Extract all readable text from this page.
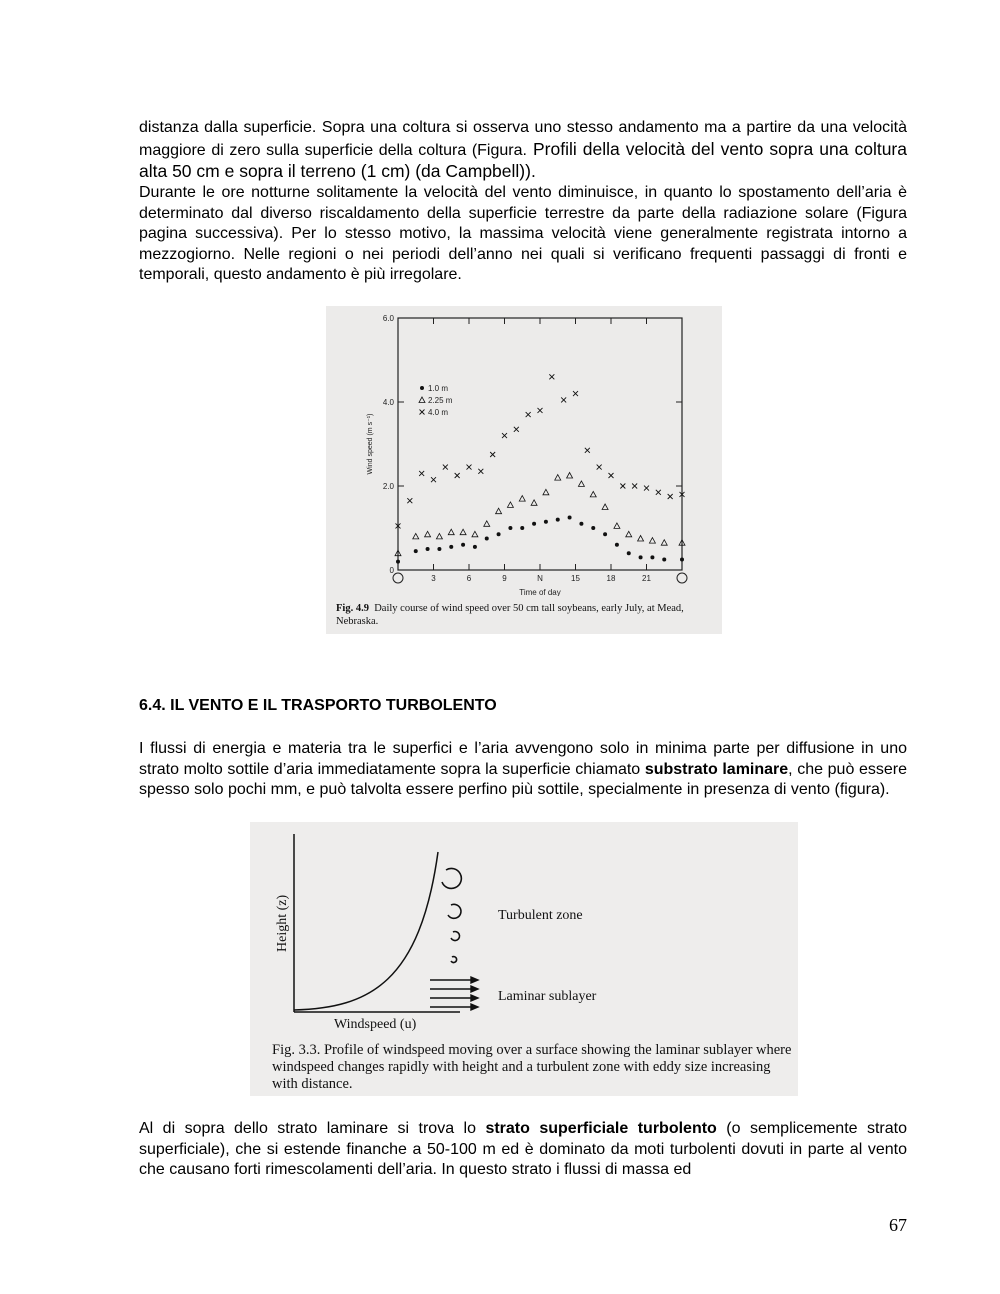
distanza dalla superficie. Sopra una coltura si osserva uno stesso andamento ma a partire da una velocità maggiore di zero sulla superficie della coltura (Figura. Profili della velocità del vento sopra una coltura alta 50 cm e sopra il terreno (1 cm) (da Campbell)).

Durante le ore notturne solitamente la velocità del vento diminuisce, in quanto lo spostamento dell’aria è determinato dal diverso riscaldamento della superficie terrestre da parte della radiazione solare (Figura pagina successiva). Per lo stesso motivo, la massima velocità viene generalmente registrata intorno a mezzogiorno. Nelle regioni o nei periodi dell’anno nei quali si verificano frequenti passaggi di fronti e temporali, questo andamento è più irregolare.

0
2.0
4.0
6.0
3	6	9	N	15	18	21
Time of day
Wind speed (m s⁻¹)
1.0 m
2.25 m
4.0 m
Fig. 4.9 Daily course of wind speed over 50 cm tall soybeans, early July, at Mead, Nebraska.
6.4. IL VENTO E IL TRASPORTO TURBOLENTO

I flussi di energia e materia tra le superfici e l’aria avvengono solo in minima parte per diffusione in uno strato molto sottile d’aria immediatamente sopra la superficie chiamato substrato laminare, che può essere spesso solo pochi mm, e può talvolta essere perfino più sottile, specialmente in presenza di vento (figura).

Height (z)
Windspeed (u)
Turbulent zone
Laminar sublayer
Fig. 3.3. Profile of windspeed moving over a surface showing the laminar sublayer where windspeed changes rapidly with height and a turbulent zone with eddy size increasing with distance.

Al di sopra dello strato laminare si trova lo strato superficiale turbolento (o semplicemente strato superficiale), che si estende finanche a 50-100 m ed è dominato da moti turbolenti dovuti in parte al vento che causano forti rimescolamenti dell’aria. In questo strato i flussi di massa ed

67
